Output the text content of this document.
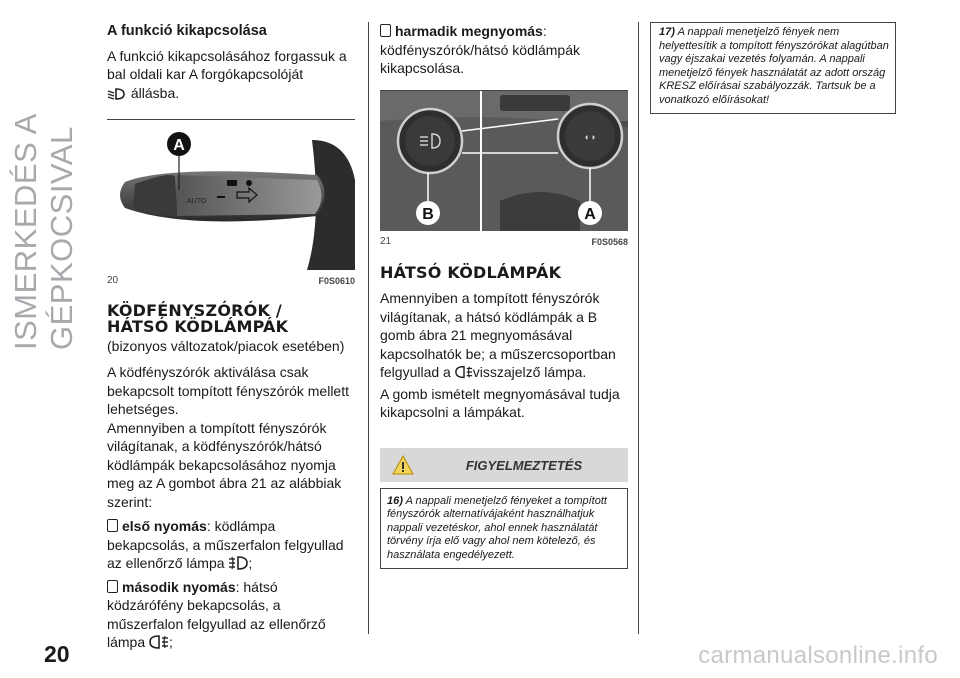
ISMERKEDÉS A GÉPKOCSIVAL
A funkció kikapcsolása

A funkció kikapcsolásához forgassuk a bal oldali kar A forgókapcsolóját
állásba.

AUTO
A
20	F0S0610
KÖDFÉNYSZÓRÓK /
HÁTSÓ KÖDLÁMPÁK

(bizonyos változatok/piacok esetében)

A ködfényszórók aktiválása csak bekapcsolt tompított fényszórók mellett lehetséges.

Amennyiben a tompított fényszórók világítanak, a ködfényszórók/hátsó ködlámpák bekapcsolásához nyomja meg az A gombot ábra 21 az alábbiak szerint:

első nyomás: ködlámpa bekapcsolás, a műszerfalon felgyullad az ellenőrző lámpa ;

második nyomás: hátsó ködzárófény bekapcsolás, a műszerfalon felgyullad az ellenőrző lámpa ;

harmadik megnyomás: ködfényszórók/hátsó ködlámpák kikapcsolása.

◐◑
B	A
21	F0S0568
HÁTSÓ KÖDLÁMPÁK

Amennyiben a tompított fényszórók világítanak, a hátsó ködlámpák a B gomb ábra 21 megnyomásával kapcsolhatók be; a műszercsoportban felgyullad a visszajelző lámpa.

A gomb ismételt megnyomásával tudja kikapcsolni a lámpákat.

FIGYELMEZTETÉS
16) A nappali menetjelző fényeket a tompított fényszórók alternatívájaként használhatjuk nappali vezetéskor, ahol ennek használatát törvény írja elő vagy ahol nem kötelező, és használata engedélyezett.
17) A nappali menetjelző fények nem helyettesítik a tompított fényszórókat alagútban vagy éjszakai vezetés folyamán. A nappali menetjelző fények használatát az adott ország KRESZ előírásai szabályozzák. Tartsuk be a vonatkozó előírásokat!
20	carmanualsonline.info
